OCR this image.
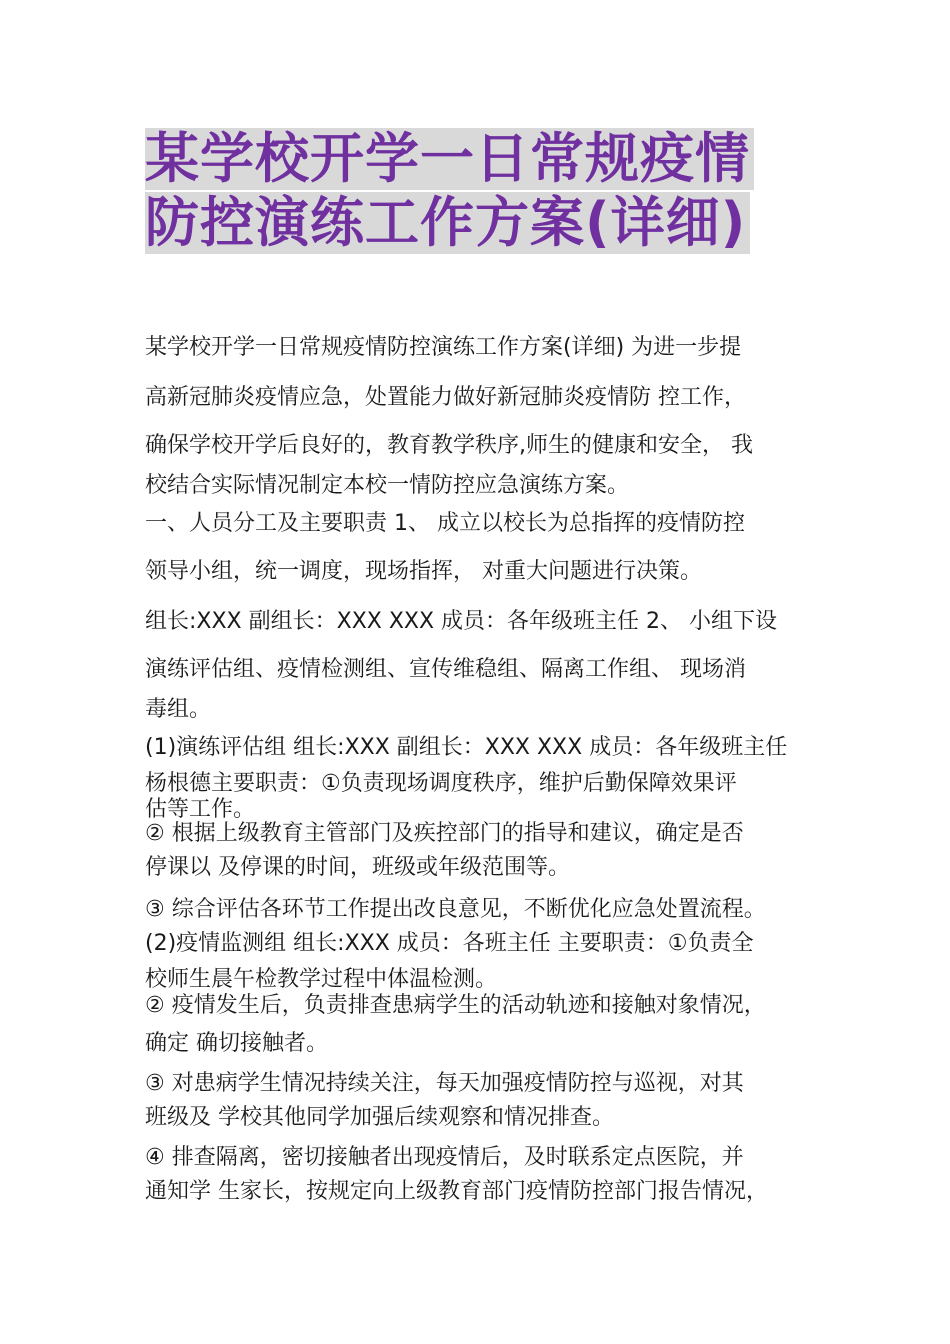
某学校开学一日常规疫情
防控演练工作方案(详细)
某学校开学一日常规疫情防控演练工作方案(详细) 为进一步提
高新冠肺炎疫情应急，处置能力做好新冠肺炎疫情防 控工作，
确保学校开学后良好的，教育教学秩序,师生的健康和安全， 我
校结合实际情况制定本校一情防控应急演练方案。
一、人员分工及主要职责 1、 成立以校长为总指挥的疫情防控
领导小组，统一调度，现场指挥， 对重大问题进行决策。
组长:XXX 副组长：XXX XXX 成员：各年级班主任 2、 小组下设
演练评估组、疫情检测组、宣传维稳组、隔离工作组、 现场消
毒组。
(1)演练评估组 组长:XXX 副组长：XXX XXX 成员：各年级班主任
杨根德主要职责：①负责现场调度秩序，维护后勤保障效果评
估等工作。
② 根据上级教育主管部门及疾控部门的指导和建议，确定是否
停课以 及停课的时间，班级或年级范围等。
③ 综合评估各环节工作提出改良意见，不断优化应急处置流程。
(2)疫情监测组 组长:XXX 成员：各班主任 主要职责：①负责全
校师生晨午检教学过程中体温检测。
② 疫情发生后，负责排查患病学生的活动轨迹和接触对象情况，
确定 确切接触者。
③ 对患病学生情况持续关注，每天加强疫情防控与巡视，对其
班级及 学校其他同学加强后续观察和情况排查。
④ 排查隔离，密切接触者出现疫情后，及时联系定点医院，并
通知学 生家长，按规定向上级教育部门疫情防控部门报告情况，
